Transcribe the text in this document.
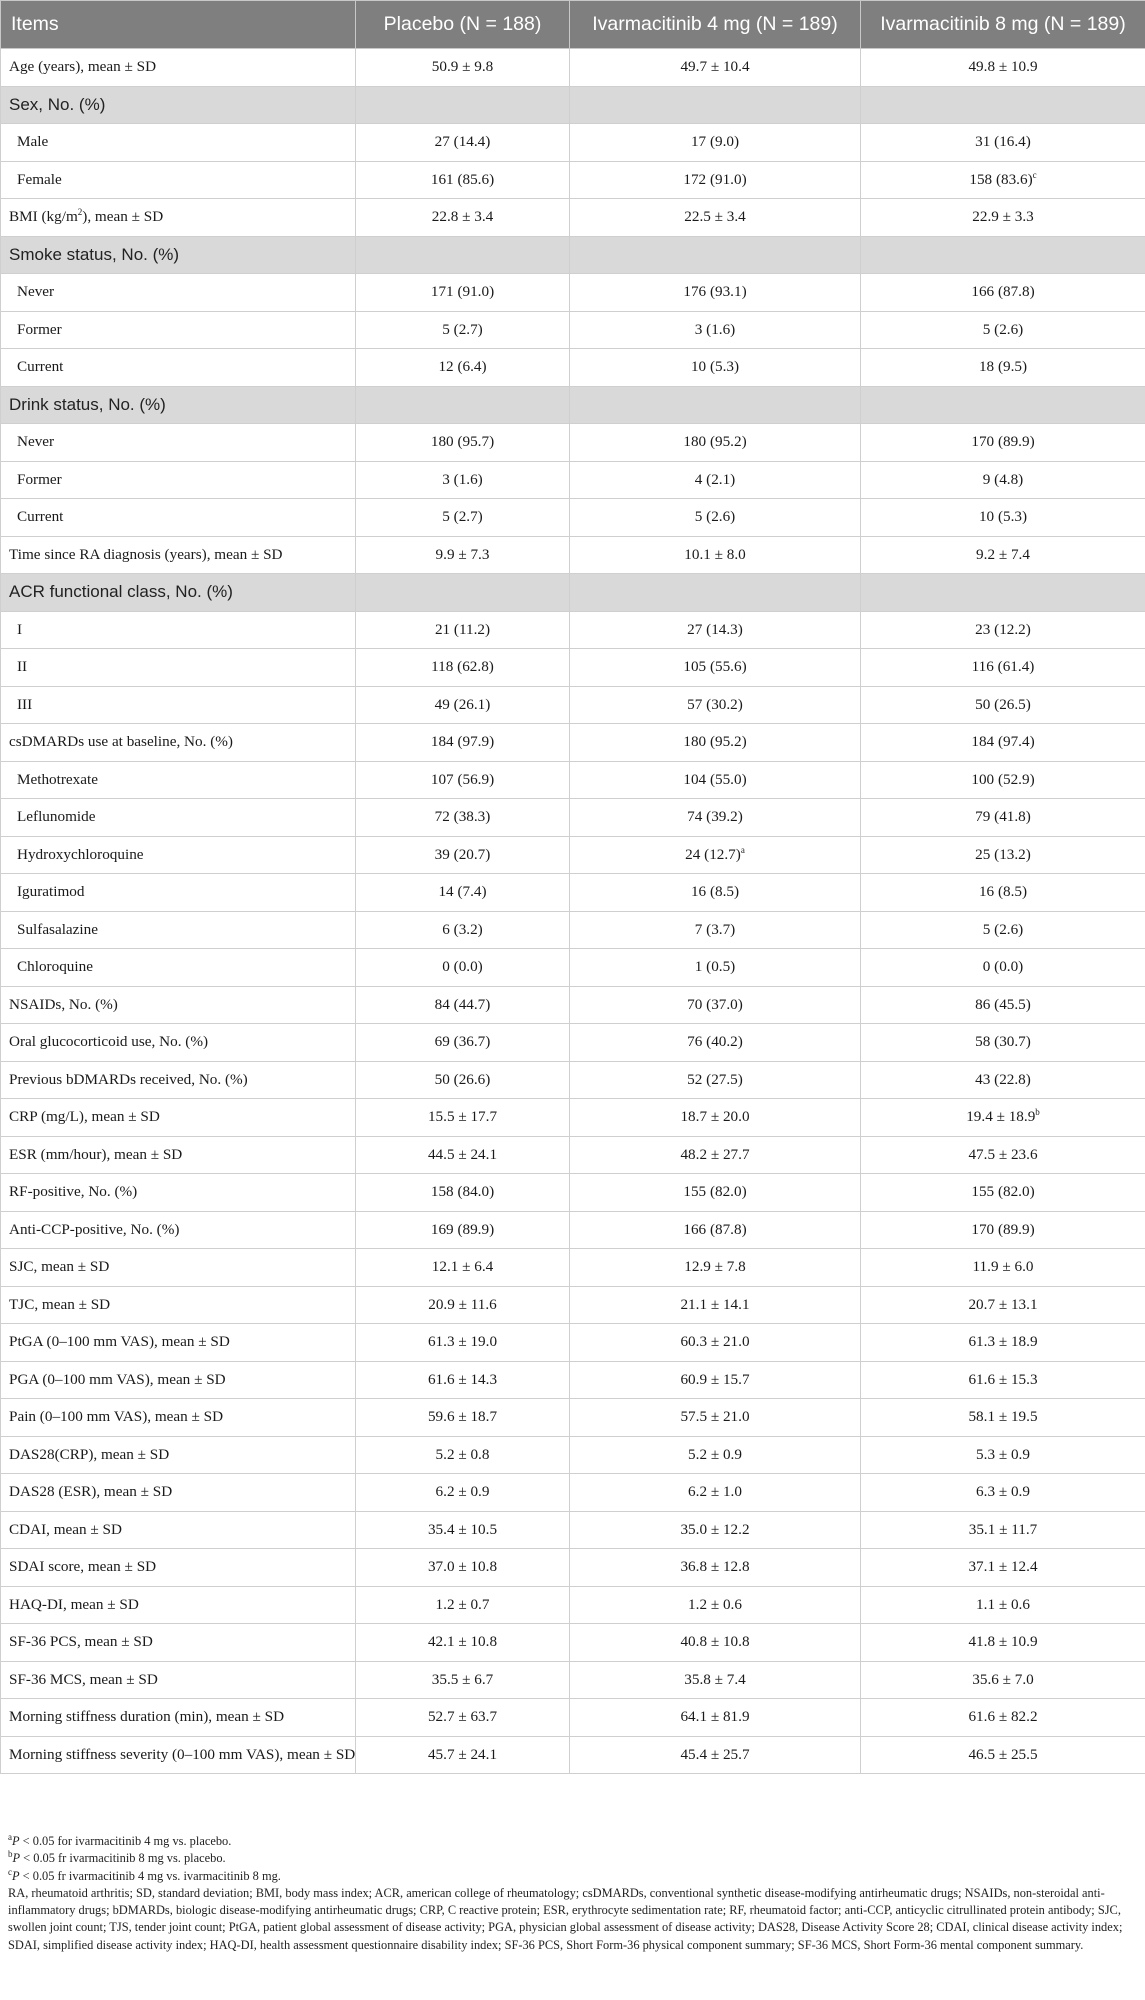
Items	Placebo (N = 188)	Ivarmacitinib 4 mg (N = 189)	Ivarmacitinib 8 mg (N = 189)
Age (years), mean ± SD	50.9 ± 9.8	49.7 ± 10.4	49.8 ± 10.9
Sex, No. (%)			
Male	27 (14.4)	17 (9.0)	31 (16.4)
Female	161 (85.6)	172 (91.0)	158 $(83.6)^c$
BMI $(kg/m^2)$, mean ± SD	22.8 ± 3.4	22.5 ± 3.4	22.9 ± 3.3
Smoke status, No. (%)			
Never	171 (91.0)	176 (93.1)	166 (87.8)
Former	5 (2.7)	3 (1.6)	5 (2.6)
Current	12 (6.4)	10 (5.3)	18 (9.5)
Drink status, No. (%)			
Never	180 (95.7)	180 (95.2)	170 (89.9)
Former	3 (1.6)	4 (2.1)	9 (4.8)
Current	5 (2.7)	5 (2.6)	10 (5.3)
Time since RA diagnosis (years), mean ± SD	9.9 ± 7.3	10.1 ± 8.0	9.2 ± 7.4
ACR functional class, No. (%)			
I	21 (11.2)	27 (14.3)	23 (12.2)
II	118 (62.8)	105 (55.6)	116 (61.4)
III	49 (26.1)	57 (30.2)	50 (26.5)
csDMARDs use at baseline, No. (%)	184 (97.9)	180 (95.2)	184 (97.4)
Methotrexate	107 (56.9)	104 (55.0)	100 (52.9)
Leflunomide	72 (38.3)	74 (39.2)	79 (41.8)
Hydroxychloroquine	39 (20.7)	24 $(12.7)^a$	25 (13.2)
Iguratimod	14 (7.4)	16 (8.5)	16 (8.5)
Sulfasalazine	6 (3.2)	7 (3.7)	5 (2.6)
Chloroquine	0 (0.0)	1 (0.5)	0 (0.0)
NSAIDs, No. (%)	84 (44.7)	70 (37.0)	86 (45.5)
Oral glucocorticoid use, No. (%)	69 (36.7)	76 (40.2)	58 (30.7)
Previous bDMARDs received, No. (%)	50 (26.6)	52 (27.5)	43 (22.8)
CRP (mg/L), mean ± SD	15.5 ± 17.7	18.7 ± 20.0	19.4 ± 18.9$^b$
ESR (mm/hour), mean ± SD	44.5 ± 24.1	48.2 ± 27.7	47.5 ± 23.6
RF-positive, No. (%)	158 (84.0)	155 (82.0)	155 (82.0)
Anti-CCP-positive, No. (%)	169 (89.9)	166 (87.8)	170 (89.9)
SJC, mean ± SD	12.1 ± 6.4	12.9 ± 7.8	11.9 ± 6.0
TJC, mean ± SD	20.9 ± 11.6	21.1 ± 14.1	20.7 ± 13.1
PtGA (0–100 mm VAS), mean ± SD	61.3 ± 19.0	60.3 ± 21.0	61.3 ± 18.9
PGA (0–100 mm VAS), mean ± SD	61.6 ± 14.3	60.9 ± 15.7	61.6 ± 15.3
Pain (0–100 mm VAS), mean ± SD	59.6 ± 18.7	57.5 ± 21.0	58.1 ± 19.5
DAS28(CRP), mean ± SD	5.2 ± 0.8	5.2 ± 0.9	5.3 ± 0.9
DAS28 (ESR), mean ± SD	6.2 ± 0.9	6.2 ± 1.0	6.3 ± 0.9
CDAI, mean ± SD	35.4 ± 10.5	35.0 ± 12.2	35.1 ± 11.7
SDAI score, mean ± SD	37.0 ± 10.8	36.8 ± 12.8	37.1 ± 12.4
HAQ-DI, mean ± SD	1.2 ± 0.7	1.2 ± 0.6	1.1 ± 0.6
SF-36 PCS, mean ± SD	42.1 ± 10.8	40.8 ± 10.8	41.8 ± 10.9
SF-36 MCS, mean ± SD	35.5 ± 6.7	35.8 ± 7.4	35.6 ± 7.0
Morning stiffness duration (min), mean ± SD	52.7 ± 63.7	64.1 ± 81.9	61.6 ± 82.2
Morning stiffness severity (0–100 mm VAS), mean ± SD	45.7 ± 24.1	45.4 ± 25.7	46.5 ± 25.5

$^a$P < 0.05 for ivarmacitinib 4 mg vs. placebo.

$^b$P < 0.05 fr ivarmacitinib 8 mg vs. placebo.

$^c$P < 0.05 fr ivarmacitinib 4 mg vs. ivarmacitinib 8 mg.

RA, rheumatoid arthritis; SD, standard deviation; BMI, body mass index; ACR, american college of rheumatology; csDMARDs, conventional synthetic disease-modifying antirheumatic drugs; NSAIDs, non-steroidal anti-inflammatory drugs; bDMARDs, biologic disease-modifying antirheumatic drugs; CRP, C reactive protein; ESR, erythrocyte sedimentation rate; RF, rheumatoid factor; anti-CCP, anticyclic citrullinated protein antibody; SJC, swollen joint count; TJS, tender joint count; PtGA, patient global assessment of disease activity; PGA, physician global assessment of disease activity; DAS28, Disease Activity Score 28; CDAI, clinical disease activity index; SDAI, simplified disease activity index; HAQ-DI, health assessment questionnaire disability index; SF-36 PCS, Short Form-36 physical component summary; SF-36 MCS, Short Form-36 mental component summary.
